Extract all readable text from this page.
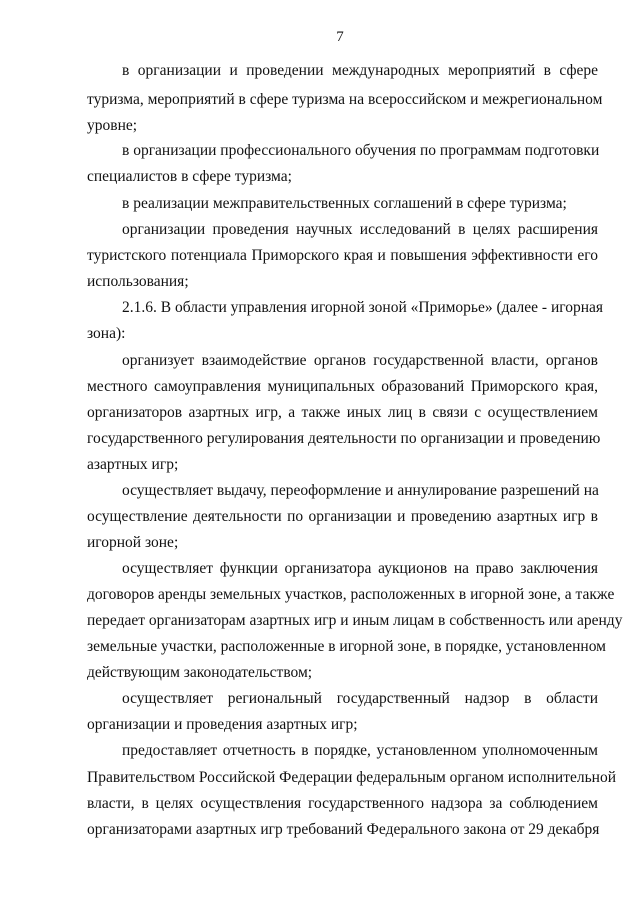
7
в организации и проведении международных мероприятий в сфере
туризма, мероприятий в сфере туризма на всероссийском и межрегиональном
уровне;
в организации профессионального обучения по программам подготовки
специалистов в сфере туризма;
в реализации межправительственных соглашений в сфере туризма;
организации проведения научных исследований в целях расширения
туристского потенциала Приморского края и повышения эффективности его
использования;
2.1.6. В области управления игорной зоной «Приморье» (далее - игорная
зона):
организует взаимодействие органов государственной власти, органов
местного самоуправления муниципальных образований Приморского края,
организаторов азартных игр, а также иных лиц в связи с осуществлением
государственного регулирования деятельности по организации и проведению
азартных игр;
осуществляет выдачу, переоформление и аннулирование разрешений на
осуществление деятельности по организации и проведению азартных игр в
игорной зоне;
осуществляет функции организатора аукционов на право заключения
договоров аренды земельных участков, расположенных в игорной зоне, а также
передает организаторам азартных игр и иным лицам в собственность или аренду
земельные участки, расположенные в игорной зоне, в порядке, установленном
действующим законодательством;
осуществляет региональный государственный надзор в области
организации и проведения азартных игр;
предоставляет отчетность в порядке, установленном уполномоченным
Правительством Российской Федерации федеральным органом исполнительной
власти, в целях осуществления государственного надзора за соблюдением
организаторами азартных игр требований Федерального закона от 29 декабря
